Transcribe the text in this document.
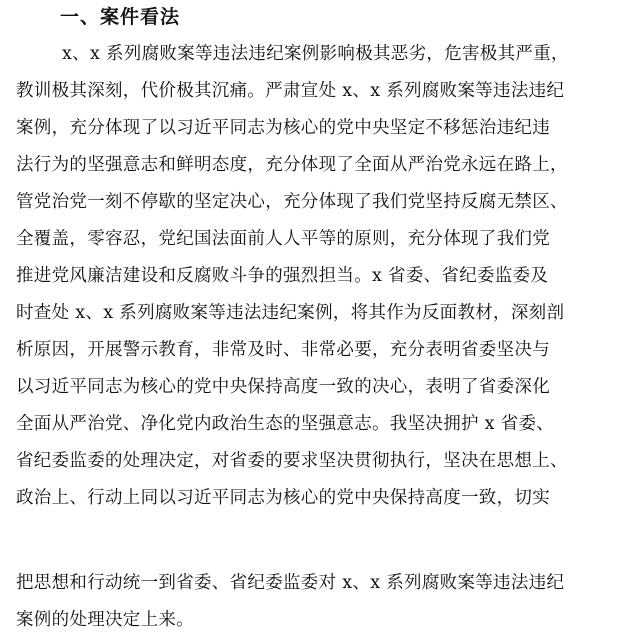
一、案件看法
x、x 系列腐败案等违法违纪案例影响极其恶劣，危害极其严重，
教训极其深刻，代价极其沉痛。严肃宣处 x、x 系列腐败案等违法违纪
案例，充分体现了以习近平同志为核心的党中央坚定不移惩治违纪违
法行为的坚强意志和鲜明态度，充分体现了全面从严治党永远在路上，
管党治党一刻不停歇的坚定决心，充分体现了我们党坚持反腐无禁区、
全覆盖，零容忍，党纪国法面前人人平等的原则，充分体现了我们党
推进党风廉洁建设和反腐败斗争的强烈担当。x 省委、省纪委监委及
时查处 x、x 系列腐败案等违法违纪案例，将其作为反面教材，深刻剖
析原因，开展警示教育，非常及时、非常必要，充分表明省委坚决与
以习近平同志为核心的党中央保持高度一致的决心，表明了省委深化
全面从严治党、净化党内政治生态的坚强意志。我坚决拥护 x 省委、
省纪委监委的处理决定，对省委的要求坚决贯彻执行，坚决在思想上、
政治上、行动上同以习近平同志为核心的党中央保持高度一致，切实
把思想和行动统一到省委、省纪委监委对 x、x 系列腐败案等违法违纪
案例的处理决定上来。
